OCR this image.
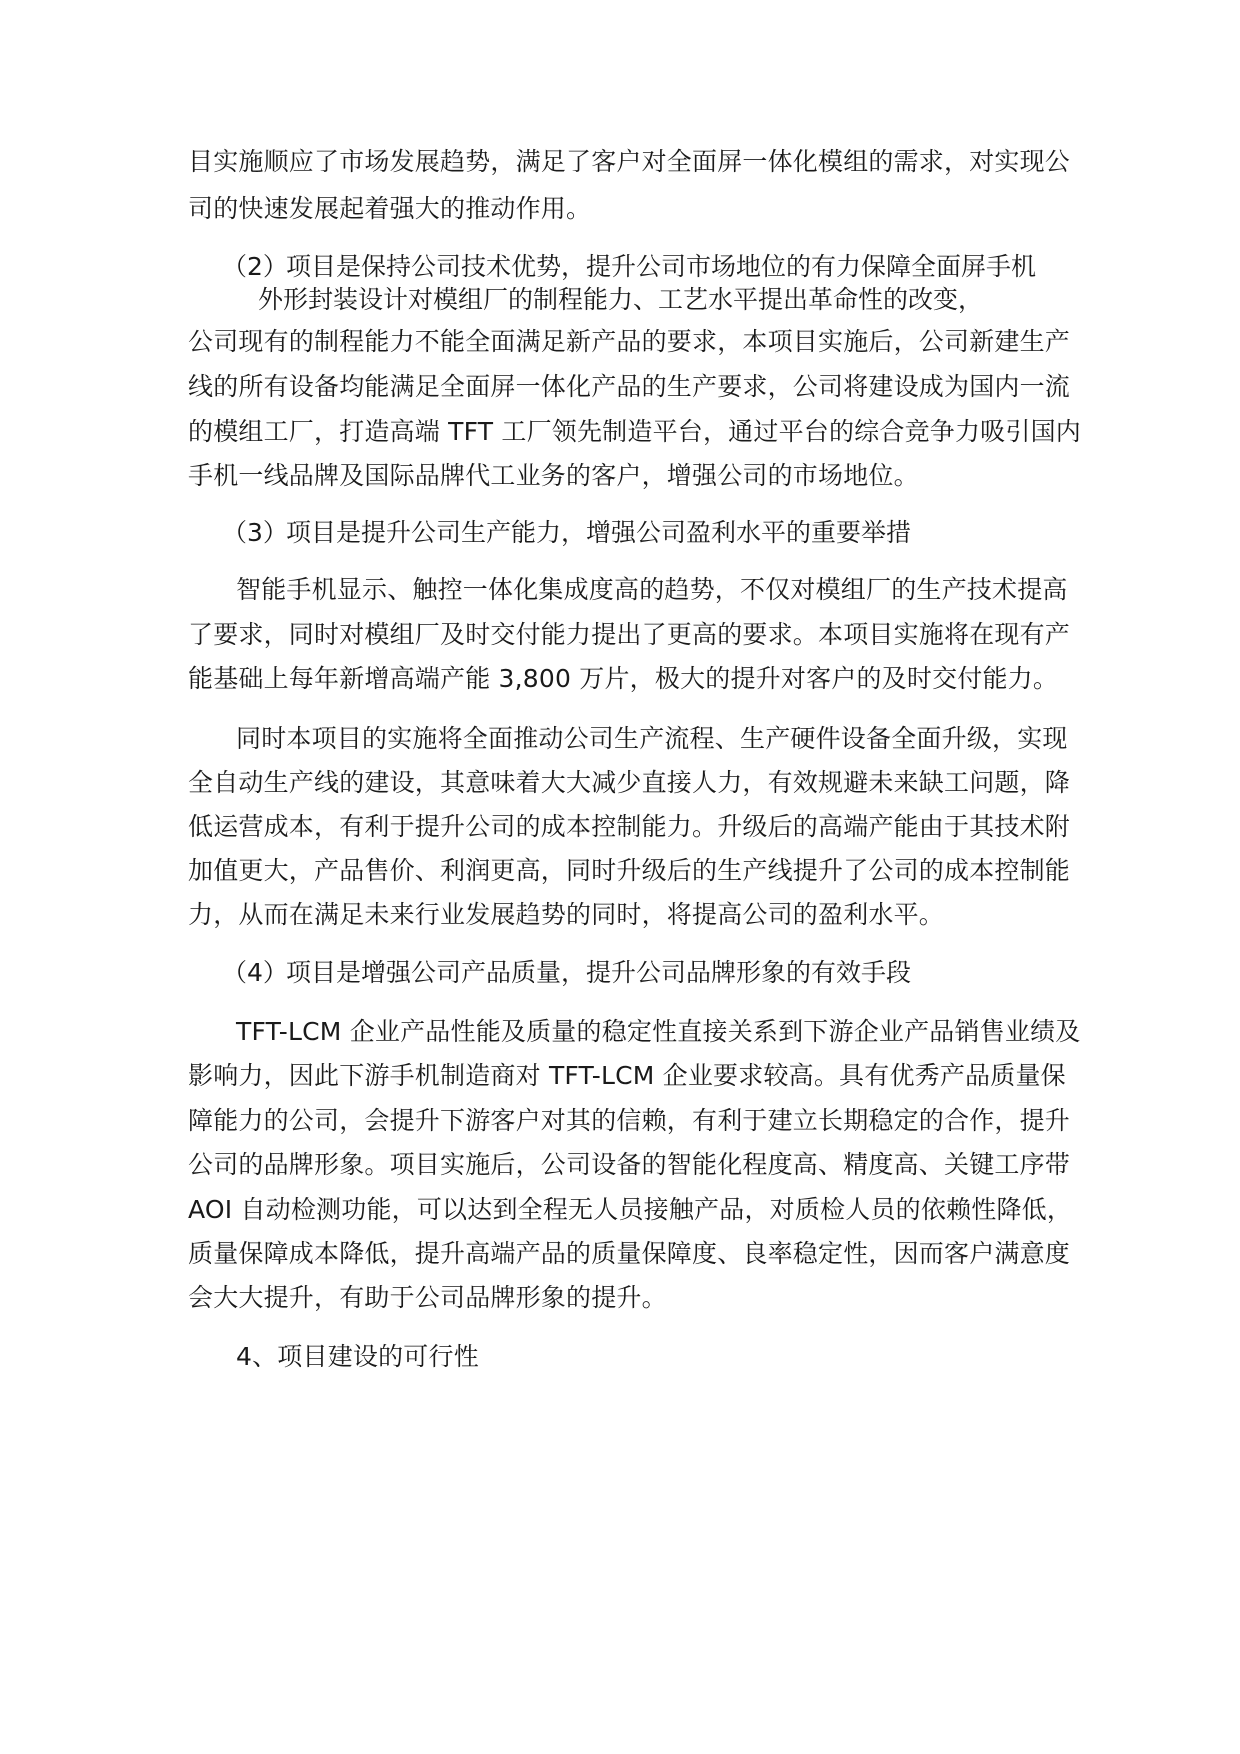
目实施顺应了市场发展趋势，满足了客户对全面屏一体化模组的需求，对实现公
司的快速发展起着强大的推动作用。
（2）
项目是保持公司技术优势，提升公司市场地位的有力保障全面屏手机
外形封装设计对模组厂的制程能力、工艺水平提出革命性的改变，
公司现有的制程能力不能全面满足新产品的要求，本项目实施后，公司新建生产
线的所有设备均能满足全面屏一体化产品的生产要求，公司将建设成为国内一流
的模组工厂，打造高端 TFT 工厂领先制造平台，通过平台的综合竞争力吸引国内
手机一线品牌及国际品牌代工业务的客户，增强公司的市场地位。
（3）
项目是提升公司生产能力，增强公司盈利水平的重要举措
智能手机显示、触控一体化集成度高的趋势，不仅对模组厂的生产技术提高
了要求，同时对模组厂及时交付能力提出了更高的要求。本项目实施将在现有产
能基础上每年新增高端产能 3,800 万片，极大的提升对客户的及时交付能力。
同时本项目的实施将全面推动公司生产流程、生产硬件设备全面升级，实现
全自动生产线的建设，其意味着大大减少直接人力，有效规避未来缺工问题，降
低运营成本，有利于提升公司的成本控制能力。升级后的高端产能由于其技术附
加值更大，产品售价、利润更高，同时升级后的生产线提升了公司的成本控制能
力，从而在满足未来行业发展趋势的同时，将提高公司的盈利水平。
（4）
项目是增强公司产品质量，提升公司品牌形象的有效手段
TFT-LCM 企业产品性能及质量的稳定性直接关系到下游企业产品销售业绩及
影响力，因此下游手机制造商对 TFT-LCM 企业要求较高。具有优秀产品质量保
障能力的公司，会提升下游客户对其的信赖，有利于建立长期稳定的合作，提升
公司的品牌形象。项目实施后，公司设备的智能化程度高、精度高、关键工序带
AOI 自动检测功能，可以达到全程无人员接触产品，对质检人员的依赖性降低，
质量保障成本降低，提升高端产品的质量保障度、良率稳定性，因而客户满意度
会大大提升，有助于公司品牌形象的提升。
4、项目建设的可行性
